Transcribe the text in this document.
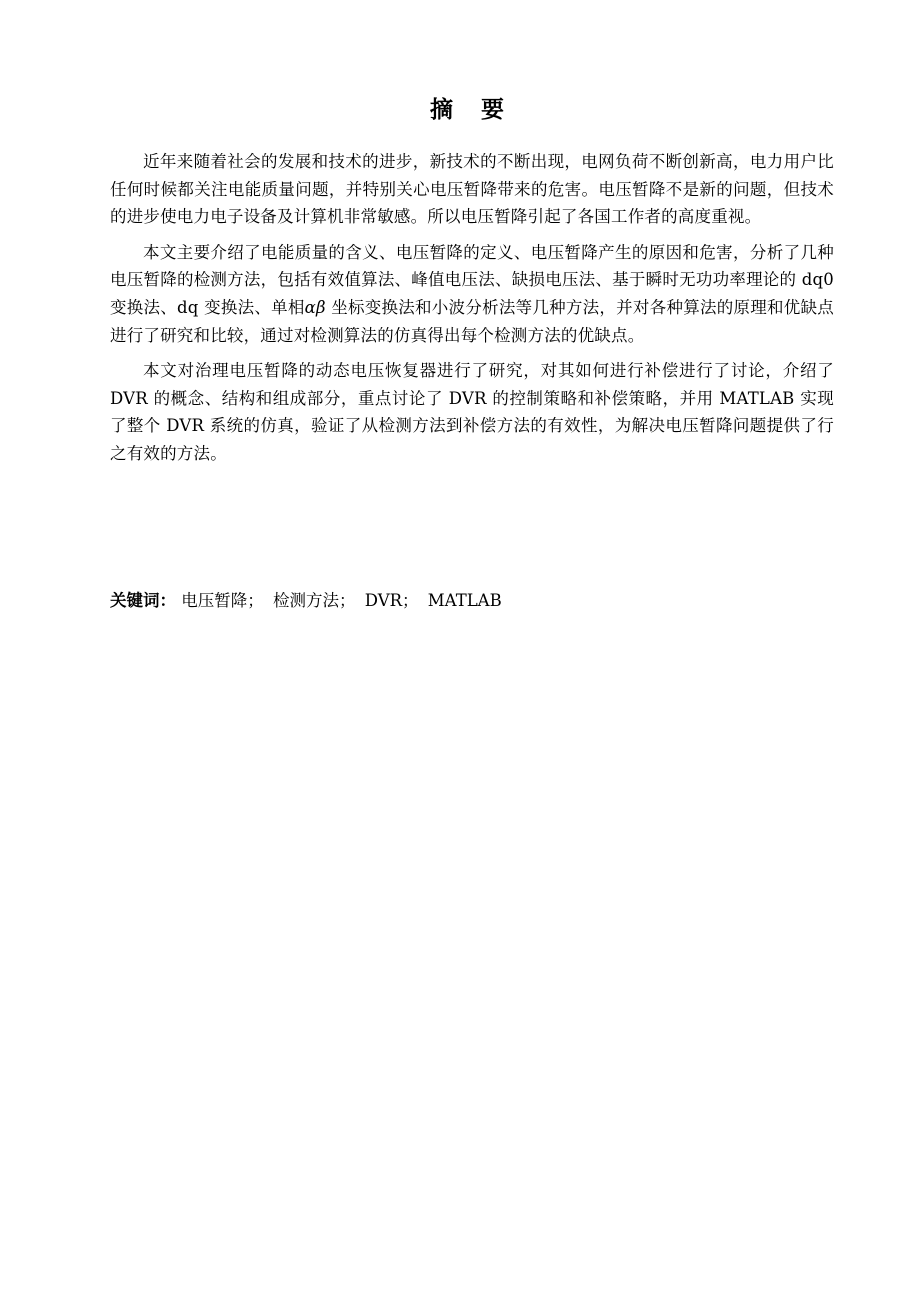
摘 要

近年来随着社会的发展和技术的进步，新技术的不断出现，电网负荷不断创新高，电力用户比任何时候都关注电能质量问题，并特别关心电压暂降带来的危害。电压暂降不是新的问题，但技术的进步使电力电子设备及计算机非常敏感。所以电压暂降引起了各国工作者的高度重视。

本文主要介绍了电能质量的含义、电压暂降的定义、电压暂降产生的原因和危害，分析了几种电压暂降的检测方法，包括有效值算法、峰值电压法、缺损电压法、基于瞬时无功功率理论的 dq0 变换法、dq 变换法、单相αβ 坐标变换法和小波分析法等几种方法，并对各种算法的原理和优缺点进行了研究和比较，通过对检测算法的仿真得出每个检测方法的优缺点。

本文对治理电压暂降的动态电压恢复器进行了研究，对其如何进行补偿进行了讨论，介绍了 DVR 的概念、结构和组成部分，重点讨论了 DVR 的控制策略和补偿策略，并用 MATLAB 实现了整个 DVR 系统的仿真，验证了从检测方法到补偿方法的有效性，为解决电压暂降问题提供了行之有效的方法。

关键词： 电压暂降； 检测方法； DVR； MATLAB
